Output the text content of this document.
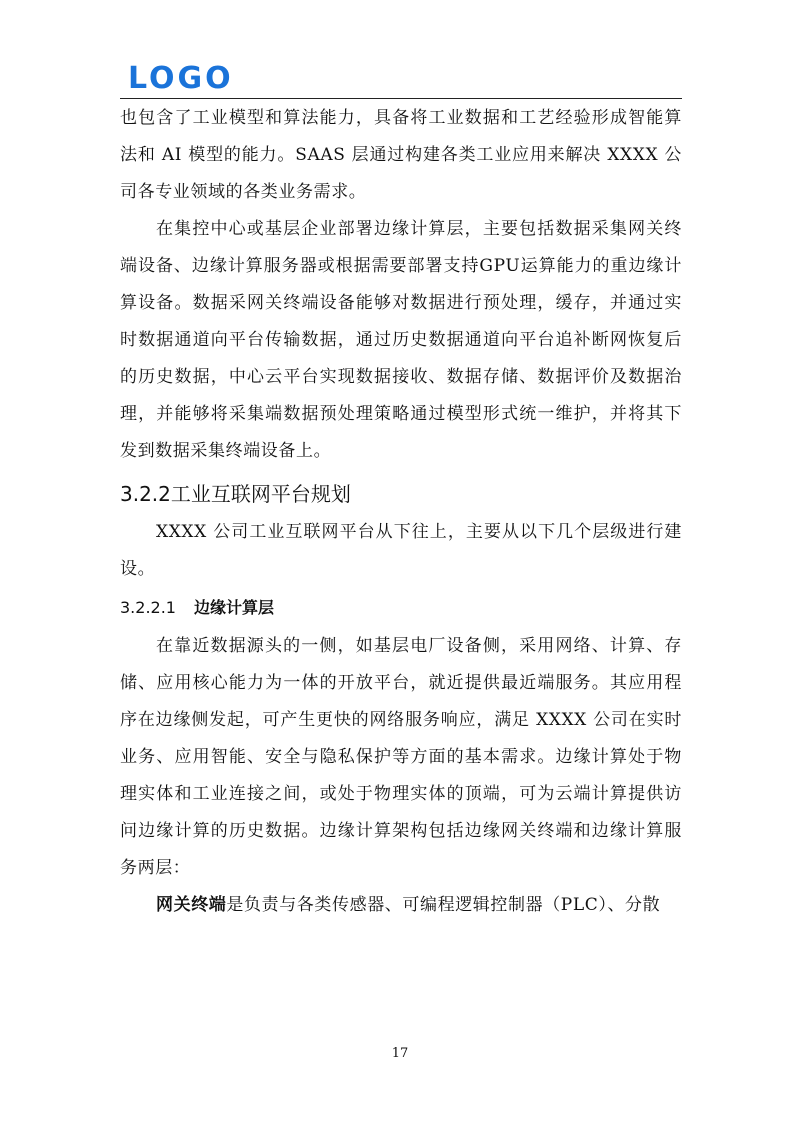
LOGO

也包含了工业模型和算法能力，具备将工业数据和工艺经验形成智能算法和 AI 模型的能力。SAAS 层通过构建各类工业应用来解决 XXXX 公司各专业领域的各类业务需求。

在集控中心或基层企业部署边缘计算层，主要包括数据采集网关终端设备、边缘计算服务器或根据需要部署支持GPU运算能力的重边缘计算设备。数据采网关终端设备能够对数据进行预处理，缓存，并通过实时数据通道向平台传输数据，通过历史数据通道向平台追补断网恢复后的历史数据，中心云平台实现数据接收、数据存储、数据评价及数据治理，并能够将采集端数据预处理策略通过模型形式统一维护，并将其下发到数据采集终端设备上。

3.2.2工业互联网平台规划

XXXX 公司工业互联网平台从下往上，主要从以下几个层级进行建设。

3.2.2.1 边缘计算层

在靠近数据源头的一侧，如基层电厂设备侧，采用网络、计算、存储、应用核心能力为一体的开放平台，就近提供最近端服务。其应用程序在边缘侧发起，可产生更快的网络服务响应，满足 XXXX 公司在实时业务、应用智能、安全与隐私保护等方面的基本需求。边缘计算处于物理实体和工业连接之间，或处于物理实体的顶端，可为云端计算提供访问边缘计算的历史数据。边缘计算架构包括边缘网关终端和边缘计算服务两层：

网关终端是负责与各类传感器、可编程逻辑控制器（PLC）、分散

17
